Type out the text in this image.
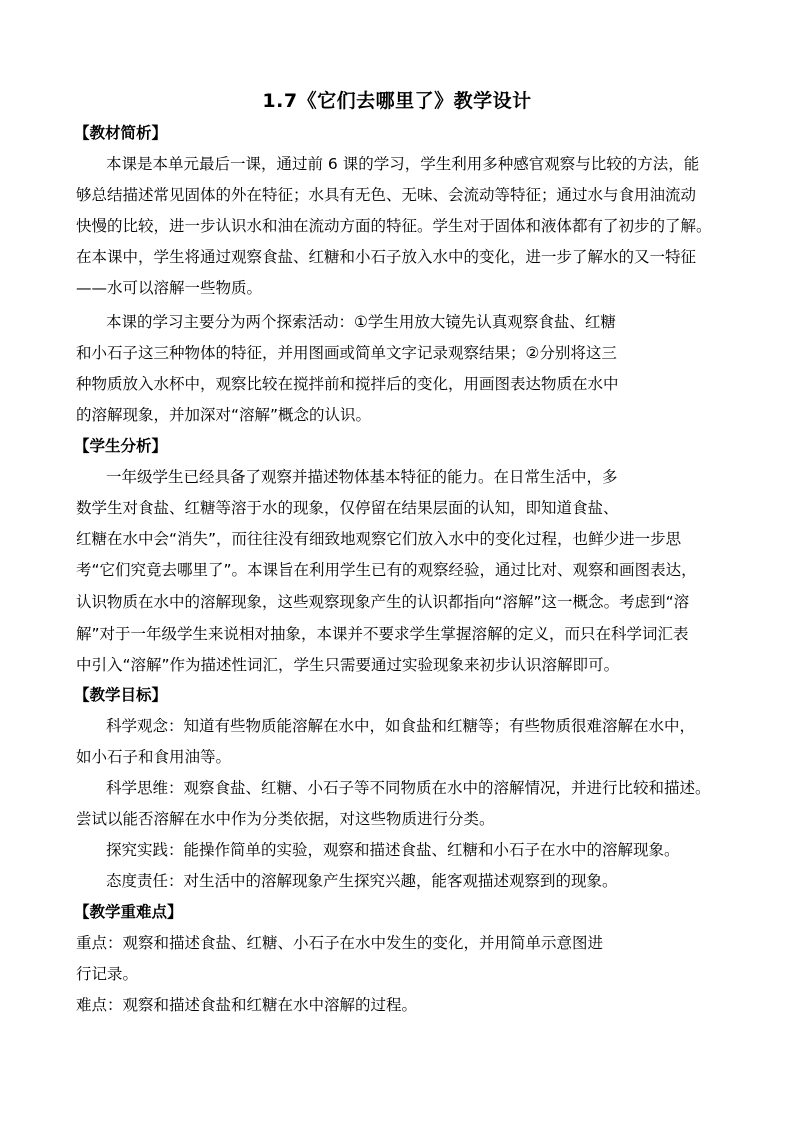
1.7《它们去哪里了》教学设计
【教材简析】
本课是本单元最后一课，通过前 6 课的学习，学生利用多种感官观察与比较的方法，能
够总结描述常见固体的外在特征；水具有无色、无味、会流动等特征；通过水与食用油流动
快慢的比较，进一步认识水和油在流动方面的特征。学生对于固体和液体都有了初步的了解。
在本课中，学生将通过观察食盐、红糖和小石子放入水中的变化，进一步了解水的又一特征
——水可以溶解一些物质。
本课的学习主要分为两个探索活动：①学生用放大镜先认真观察食盐、红糖
和小石子这三种物体的特征，并用图画或简单文字记录观察结果；②分别将这三
种物质放入水杯中，观察比较在搅拌前和搅拌后的变化，用画图表达物质在水中
的溶解现象，并加深对“溶解”概念的认识。
【学生分析】
一年级学生已经具备了观察并描述物体基本特征的能力。在日常生活中，多
数学生对食盐、红糖等溶于水的现象，仅停留在结果层面的认知，即知道食盐、
红糖在水中会“消失”，而往往没有细致地观察它们放入水中的变化过程，也鲜少进一步思
考“它们究竟去哪里了”。本课旨在利用学生已有的观察经验，通过比对、观察和画图表达，
认识物质在水中的溶解现象，这些观察现象产生的认识都指向“溶解”这一概念。考虑到“溶
解”对于一年级学生来说相对抽象，本课并不要求学生掌握溶解的定义，而只在科学词汇表
中引入“溶解”作为描述性词汇，学生只需要通过实验现象来初步认识溶解即可。
【教学目标】
科学观念：知道有些物质能溶解在水中，如食盐和红糖等；有些物质很难溶解在水中，
如小石子和食用油等。
科学思维：观察食盐、红糖、小石子等不同物质在水中的溶解情况，并进行比较和描述。
尝试以能否溶解在水中作为分类依据，对这些物质进行分类。
探究实践：能操作简单的实验，观察和描述食盐、红糖和小石子在水中的溶解现象。
态度责任：对生活中的溶解现象产生探究兴趣，能客观描述观察到的现象。
【教学重难点】
重点：观察和描述食盐、红糖、小石子在水中发生的变化，并用简单示意图进
行记录。
难点：观察和描述食盐和红糖在水中溶解的过程。
